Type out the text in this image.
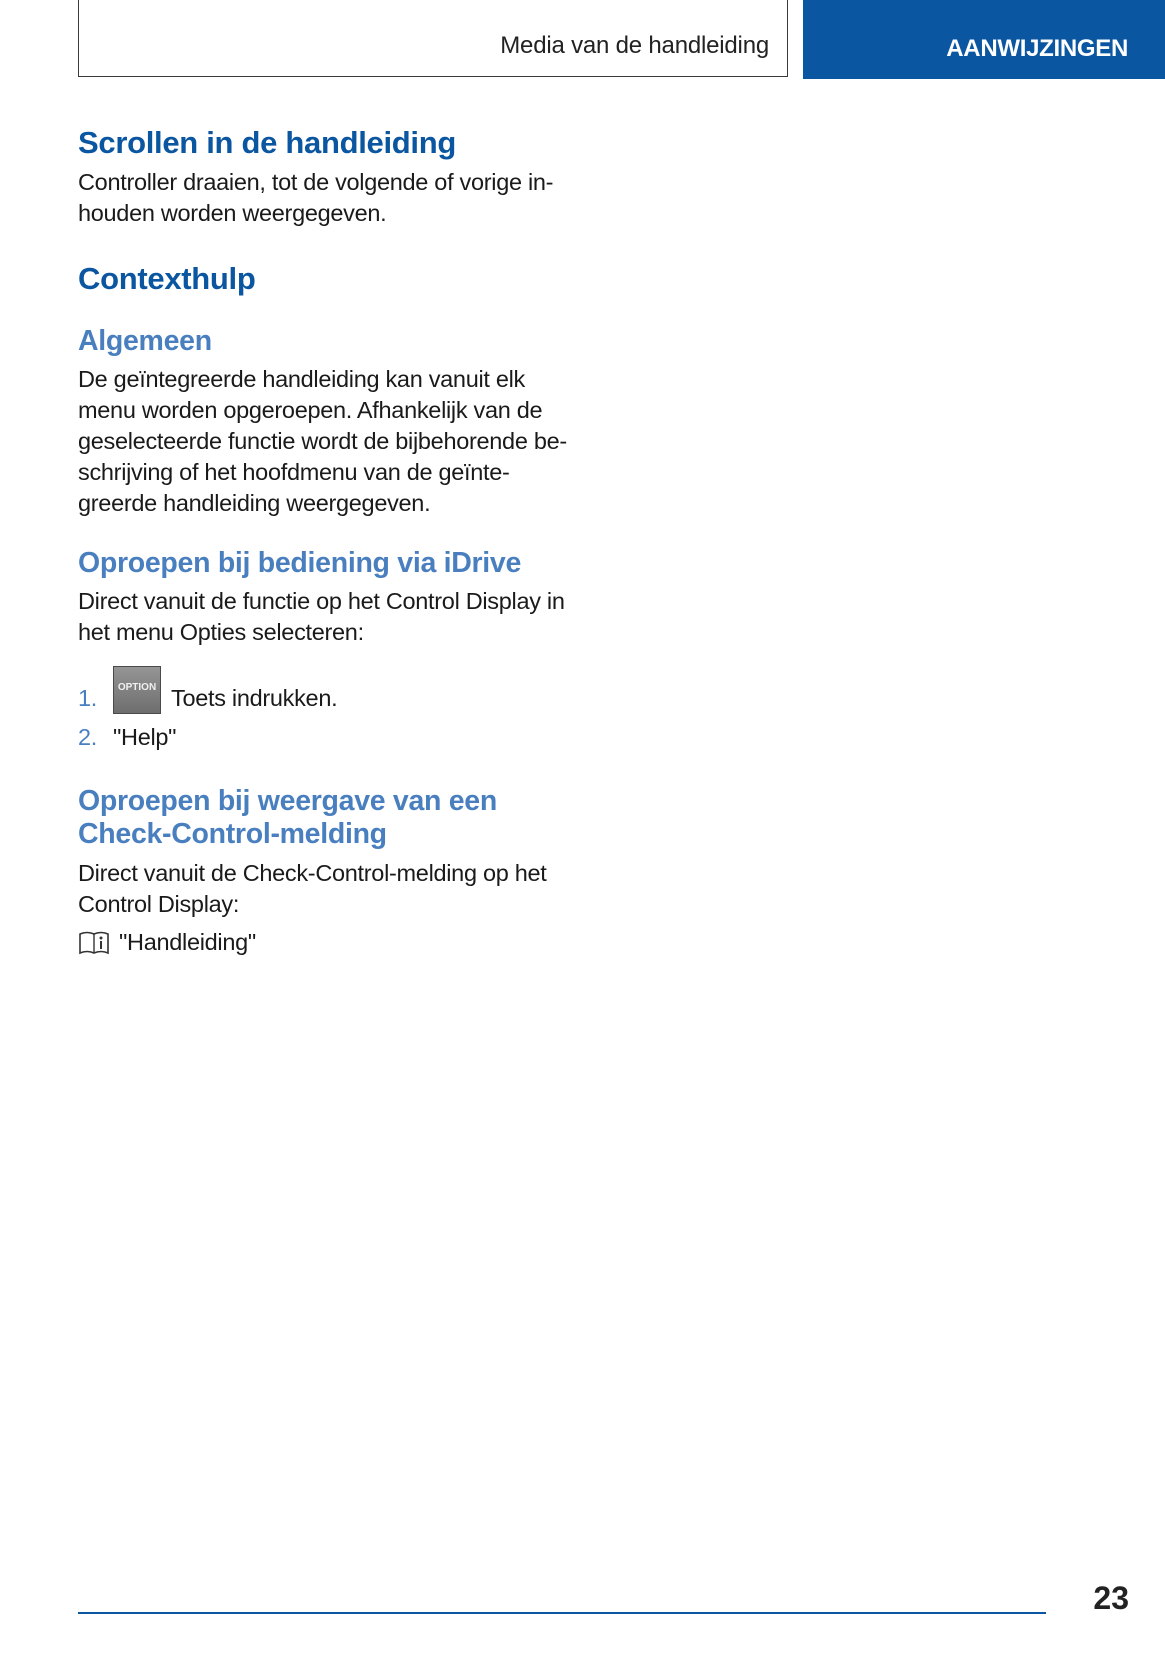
Media van de handleiding	AANWIJZINGEN
Scrollen in de handleiding

Controller draaien, tot de volgende of vorige in-
houden worden weergegeven.

Contexthulp
Algemeen

De geïntegreerde handleiding kan vanuit elk
menu worden opgeroepen. Afhankelijk van de
geselecteerde functie wordt de bijbehorende be-
schrijving of het hoofdmenu van de geïnte-
greerde handleiding weergegeven.

Oproepen bij bediening via iDrive

Direct vanuit de functie op het Control Display in
het menu Opties selecteren:

1.	OPTION Toets indrukken.
2. "Help"
Oproepen bij weergave van een
Check-Control-melding

Direct vanuit de Check-Control-melding op het
Control Display:

"Handleiding"
23
